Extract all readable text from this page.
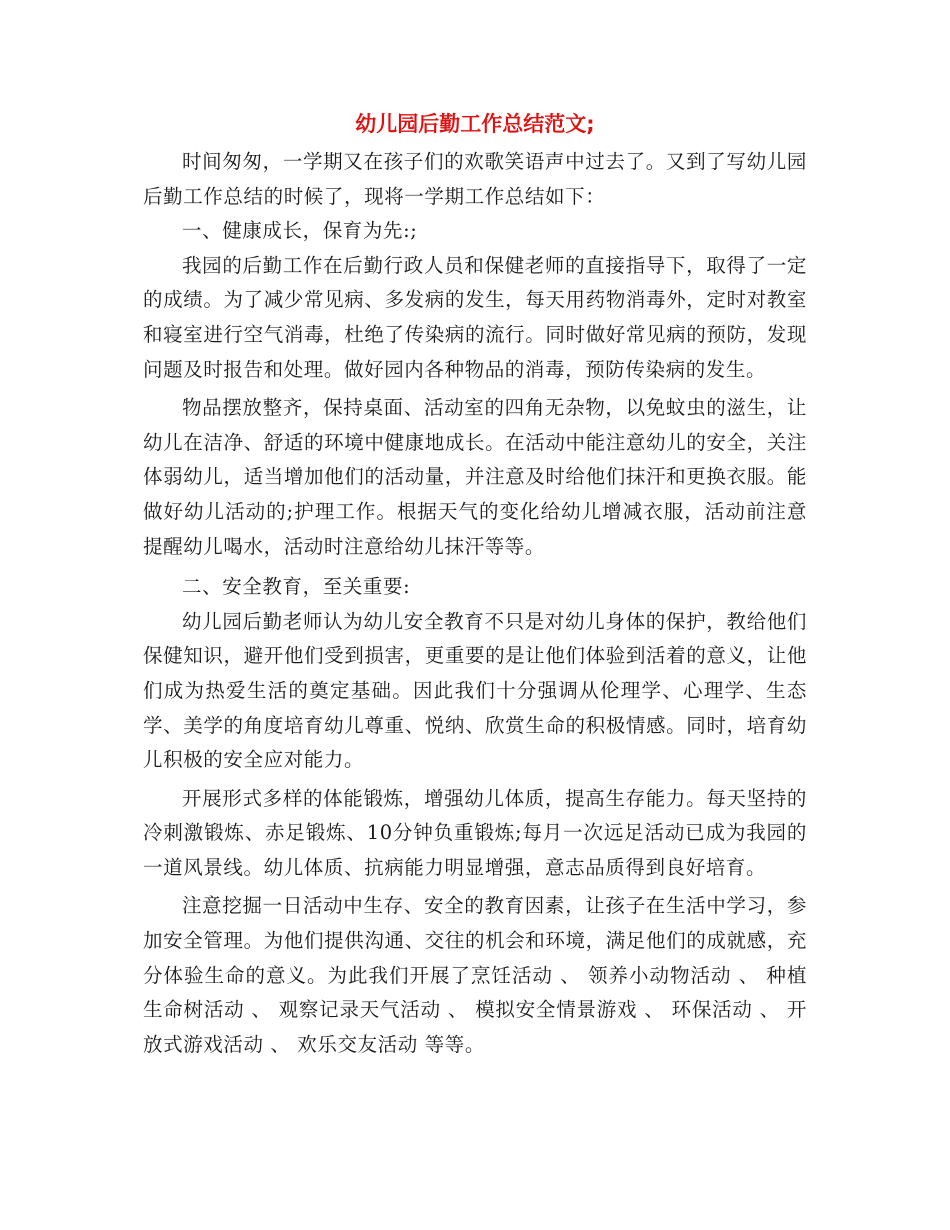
幼儿园后勤工作总结范文;

时间匆匆，一学期又在孩子们的欢歌笑语声中过去了。又到了写幼儿园后勤工作总结的时候了，现将一学期工作总结如下：

一、健康成长，保育为先:;

我园的后勤工作在后勤行政人员和保健老师的直接指导下，取得了一定的成绩。为了减少常见病、多发病的发生，每天用药物消毒外，定时对教室和寝室进行空气消毒，杜绝了传染病的流行。同时做好常见病的预防，发现问题及时报告和处理。做好园内各种物品的消毒，预防传染病的发生。

物品摆放整齐，保持桌面、活动室的四角无杂物，以免蚊虫的滋生，让幼儿在洁净、舒适的环境中健康地成长。在活动中能注意幼儿的安全，关注体弱幼儿，适当增加他们的活动量，并注意及时给他们抹汗和更换衣服。能做好幼儿活动的;护理工作。根据天气的变化给幼儿增减衣服，活动前注意提醒幼儿喝水，活动时注意给幼儿抹汗等等。

二、安全教育，至关重要:

幼儿园后勤老师认为幼儿安全教育不只是对幼儿身体的保护，教给他们保健知识，避开他们受到损害，更重要的是让他们体验到活着的意义，让他们成为热爱生活的奠定基础。因此我们十分强调从伦理学、心理学、生态学、美学的角度培育幼儿尊重、悦纳、欣赏生命的积极情感。同时，培育幼儿积极的安全应对能力。

开展形式多样的体能锻炼，增强幼儿体质，提高生存能力。每天坚持的冷刺激锻炼、赤足锻炼、10分钟负重锻炼;每月一次远足活动已成为我园的一道风景线。幼儿体质、抗病能力明显增强，意志品质得到良好培育。

注意挖掘一日活动中生存、安全的教育因素，让孩子在生活中学习，参加安全管理。为他们提供沟通、交往的机会和环境，满足他们的成就感，充分体验生命的意义。为此我们开展了烹饪活动 、 领养小动物活动 、 种植生命树活动 、 观察记录天气活动 、 模拟安全情景游戏 、 环保活动 、 开放式游戏活动 、 欢乐交友活动 等等。
